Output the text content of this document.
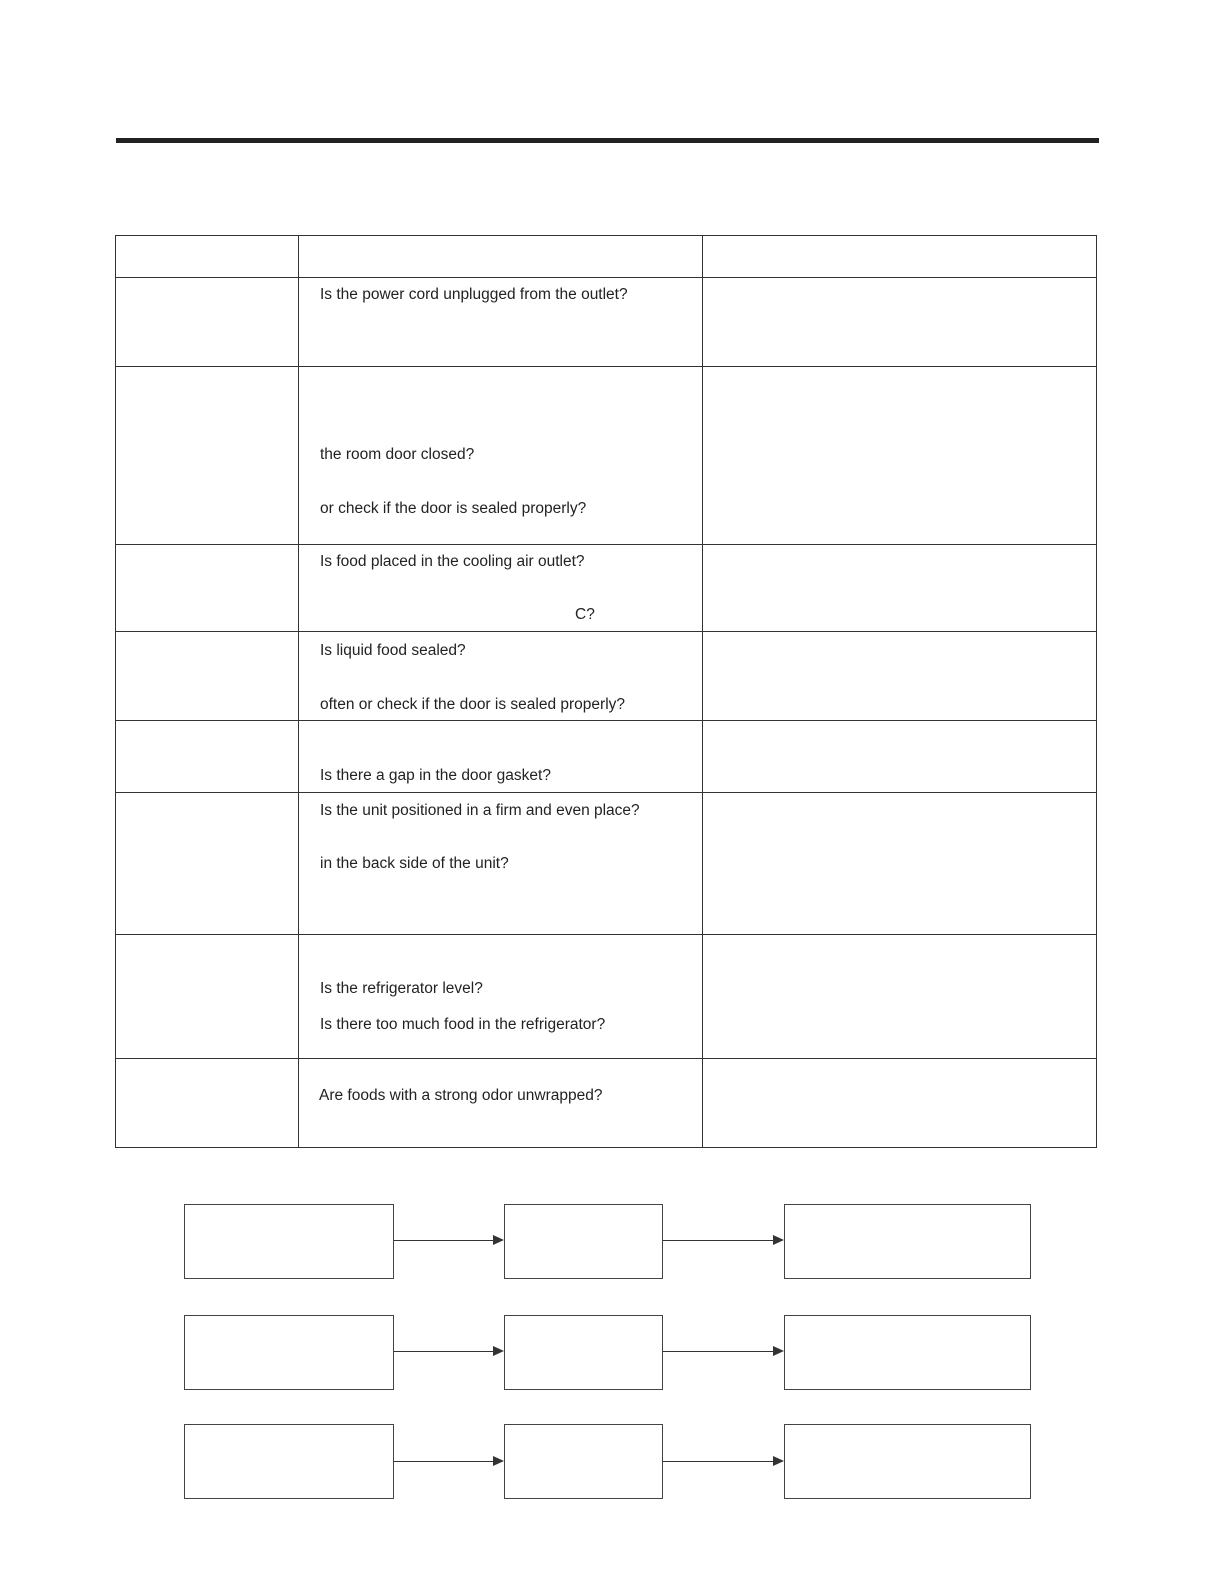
Is the power cord unplugged from the outlet?
the room door closed?
or check if the door is sealed properly?
Is food placed in the cooling air outlet?
C?
Is liquid food sealed?
often or check if the door is sealed properly?
Is there a gap in the door gasket?
Is the unit positioned in a firm and even place?
in the back side of the unit?
Is the refrigerator level?
Is there too much food in the refrigerator?
Are foods with a strong odor unwrapped?
